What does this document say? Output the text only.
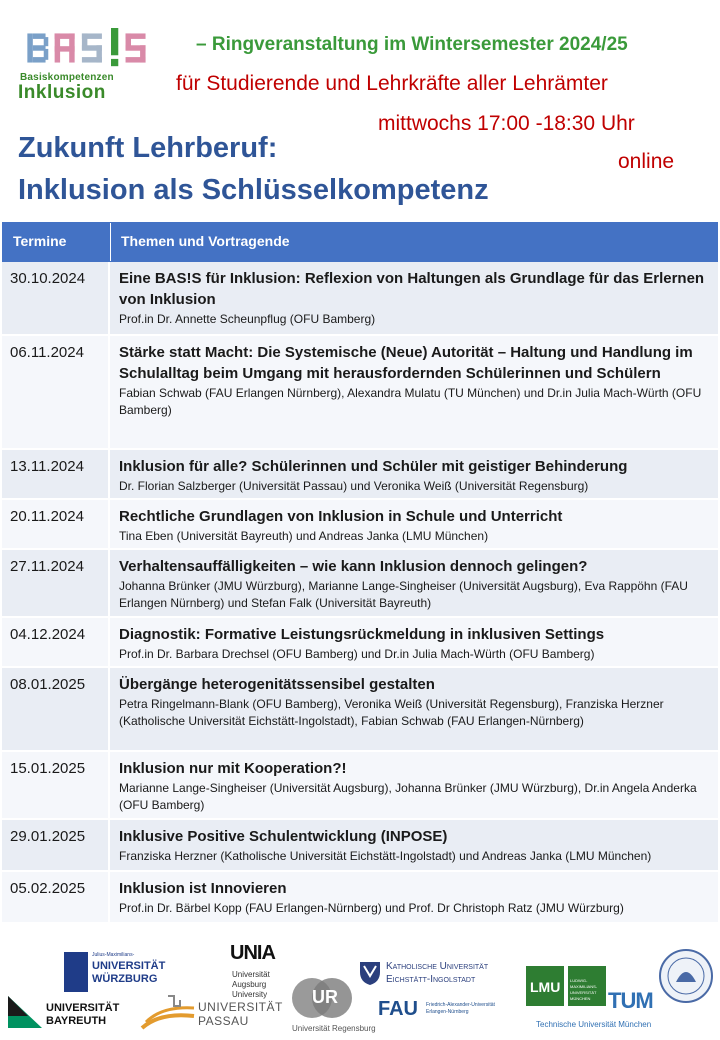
Basiskompetenzen
Inklusion
– Ringveranstaltung im Wintersemester 2024/25
für Studierende und Lehrkräfte aller Lehrämter
mittwochs 17:00 -18:30 Uhr
online
Zukunft Lehrberuf:
Inklusion als Schlüsselkompetenz
Termine	Themen und Vortragende
30.10.2024	Eine BAS!S für Inklusion: Reflexion von Haltungen als Grundlage für das Erlernen von Inklusion
Prof.in Dr. Annette Scheunpflug (OFU Bamberg)
06.11.2024	Stärke statt Macht: Die Systemische (Neue) Autorität – Haltung und Handlung im Schulalltag beim Umgang mit herausfordernden Schülerinnen und Schülern
Fabian Schwab (FAU Erlangen Nürnberg), Alexandra Mulatu (TU München) und Dr.in Julia Mach-Würth (OFU Bamberg)
13.11.2024	Inklusion für alle? Schülerinnen und Schüler mit geistiger Behinderung
Dr. Florian Salzberger (Universität Passau) und Veronika Weiß (Universität Regensburg)
20.11.2024	Rechtliche Grundlagen von Inklusion in Schule und Unterricht
Tina Eben (Universität Bayreuth) und Andreas Janka (LMU München)
27.11.2024	Verhaltensauffälligkeiten – wie kann Inklusion dennoch gelingen?
Johanna Brünker (JMU Würzburg), Marianne Lange-Singheiser (Universität Augsburg), Eva Rappöhn (FAU Erlangen Nürnberg) und Stefan Falk (Universität Bayreuth)
04.12.2024	Diagnostik: Formative Leistungsrückmeldung in inklusiven Settings
Prof.in Dr. Barbara Drechsel (OFU Bamberg) und Dr.in Julia Mach-Würth (OFU Bamberg)
08.01.2025	Übergänge heterogenitätssensibel gestalten
Petra Ringelmann-Blank (OFU Bamberg), Veronika Weiß (Universität Regensburg), Franziska Herzner (Katholische Universität Eichstätt-Ingolstadt), Fabian Schwab (FAU Erlangen-Nürnberg)
15.01.2025	Inklusion nur mit Kooperation?!
Marianne Lange-Singheiser (Universität Augsburg), Johanna Brünker (JMU Würzburg), Dr.in Angela Anderka (OFU Bamberg)
29.01.2025	Inklusive Positive Schulentwicklung (INPOSE)
Franziska Herzner (Katholische Universität Eichstätt-Ingolstadt) und Andreas Janka (LMU München)
05.02.2025	Inklusion ist Innovieren
Prof.in Dr. Bärbel Kopp (FAU Erlangen-Nürnberg) und Prof. Dr Christoph Ratz (JMU Würzburg)
Julius-Maximilians-
UNIVERSITÄT
WÜRZBURG
UNIA
Universität
Augsburg
University
Katholische Universität
Eichstätt-Ingolstadt	LMU	LUDWIG-MAXIMILIANS-UNIVERSITÄT MÜNCHEN TUM
Technische Universität München
UNIVERSITÄT
BAYREUTH
UNIVERSITÄT
PASSAU
UR
Universität Regensburg
FAU Friedrich-Alexander-Universität
Erlangen-Nürnberg
